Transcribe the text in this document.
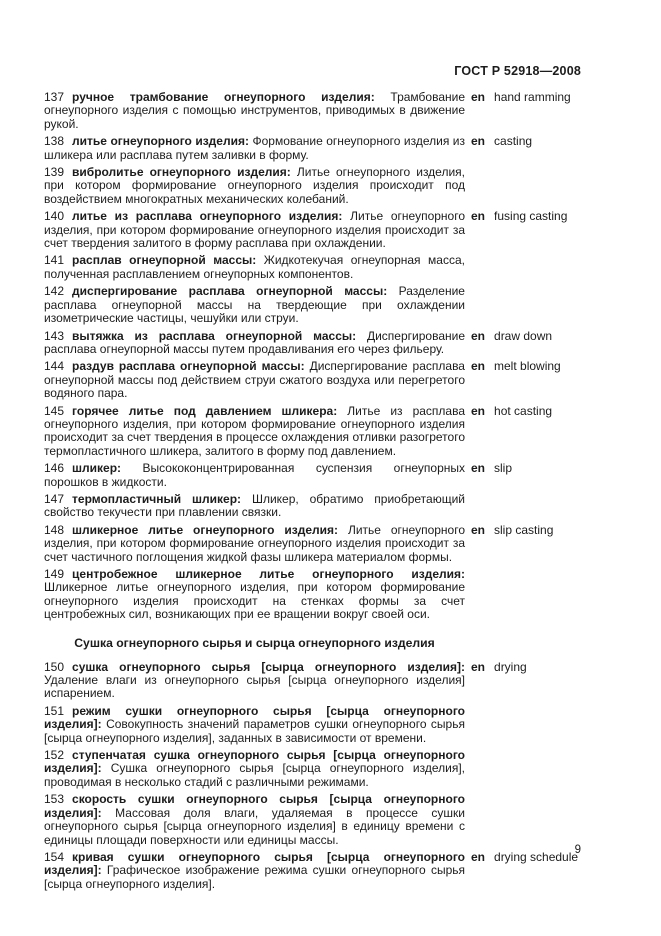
ГОСТ Р 52918—2008

137 ручное трамбование огнеупорного изделия: Трамбование огнеупорного изделия с помощью инструментов, приводимых в движение рукой.

en hand ramming

138 литье огнеупорного изделия: Формование огнеупорного изделия из шликера или расплава путем заливки в форму.

en casting

139 вибролитье огнеупорного изделия: Литье огнеупорного изделия, при котором формирование огнеупорного изделия происходит под воздействием многократных механических колебаний.

140 литье из расплава огнеупорного изделия: Литье огнеупорного изделия, при котором формирование огнеупорного изделия происходит за счет твердения залитого в форму расплава при охлаждении.

en fusing casting

141 расплав огнеупорной массы: Жидкотекучая огнеупорная масса, полученная расплавлением огнеупорных компонентов.

142 диспергирование расплава огнеупорной массы: Разделение расплава огнеупорной массы на твердеющие при охлаждении изометрические частицы, чешуйки или струи.

143 вытяжка из расплава огнеупорной массы: Диспергирование расплава огнеупорной массы путем продавливания его через фильеру.

en draw down

144 раздув расплава огнеупорной массы: Диспергирование расплава огнеупорной массы под действием струи сжатого воздуха или перегретого водяного пара.

en melt blowing

145 горячее литье под давлением шликера: Литье из расплава огнеупорного изделия, при котором формирование огнеупорного изделия происходит за счет твердения в процессе охлаждения отливки разогретого термопластичного шликера, залитого в форму под давлением.

en hot casting

146 шликер: Высококонцентрированная суспензия огнеупорных порошков в жидкости.

en slip

147 термопластичный шликер: Шликер, обратимо приобретающий свойство текучести при плавлении связки.

148 шликерное литье огнеупорного изделия: Литье огнеупорного изделия, при котором формирование огнеупорного изделия происходит за счет частичного поглощения жидкой фазы шликера материалом формы.

en slip casting

149 центробежное шликерное литье огнеупорного изделия: Шликерное литье огнеупорного изделия, при котором формирование огнеупорного изделия происходит на стенках формы за счет центробежных сил, возникающих при ее вращении вокруг своей оси.

Сушка огнеупорного сырья и сырца огнеупорного изделия

150 сушка огнеупорного сырья [сырца огнеупорного изделия]: Удаление влаги из огнеупорного сырья [сырца огнеупорного изделия] испарением.

en drying

151 режим сушки огнеупорного сырья [сырца огнеупорного изделия]: Совокупность значений параметров сушки огнеупорного сырья [сырца огнеупорного изделия], заданных в зависимости от времени.

152 ступенчатая сушка огнеупорного сырья [сырца огнеупорного изделия]: Сушка огнеупорного сырья [сырца огнеупорного изделия], проводимая в несколько стадий с различными режимами.

153 скорость сушки огнеупорного сырья [сырца огнеупорного изделия]: Массовая доля влаги, удаляемая в процессе сушки огнеупорного сырья [сырца огнеупорного изделия] в единицу времени с единицы площади поверхности или единицы массы.

154 кривая сушки огнеупорного сырья [сырца огнеупорного изделия]: Графическое изображение режима сушки огнеупорного сырья [сырца огнеупорного изделия].

en drying schedule

9
